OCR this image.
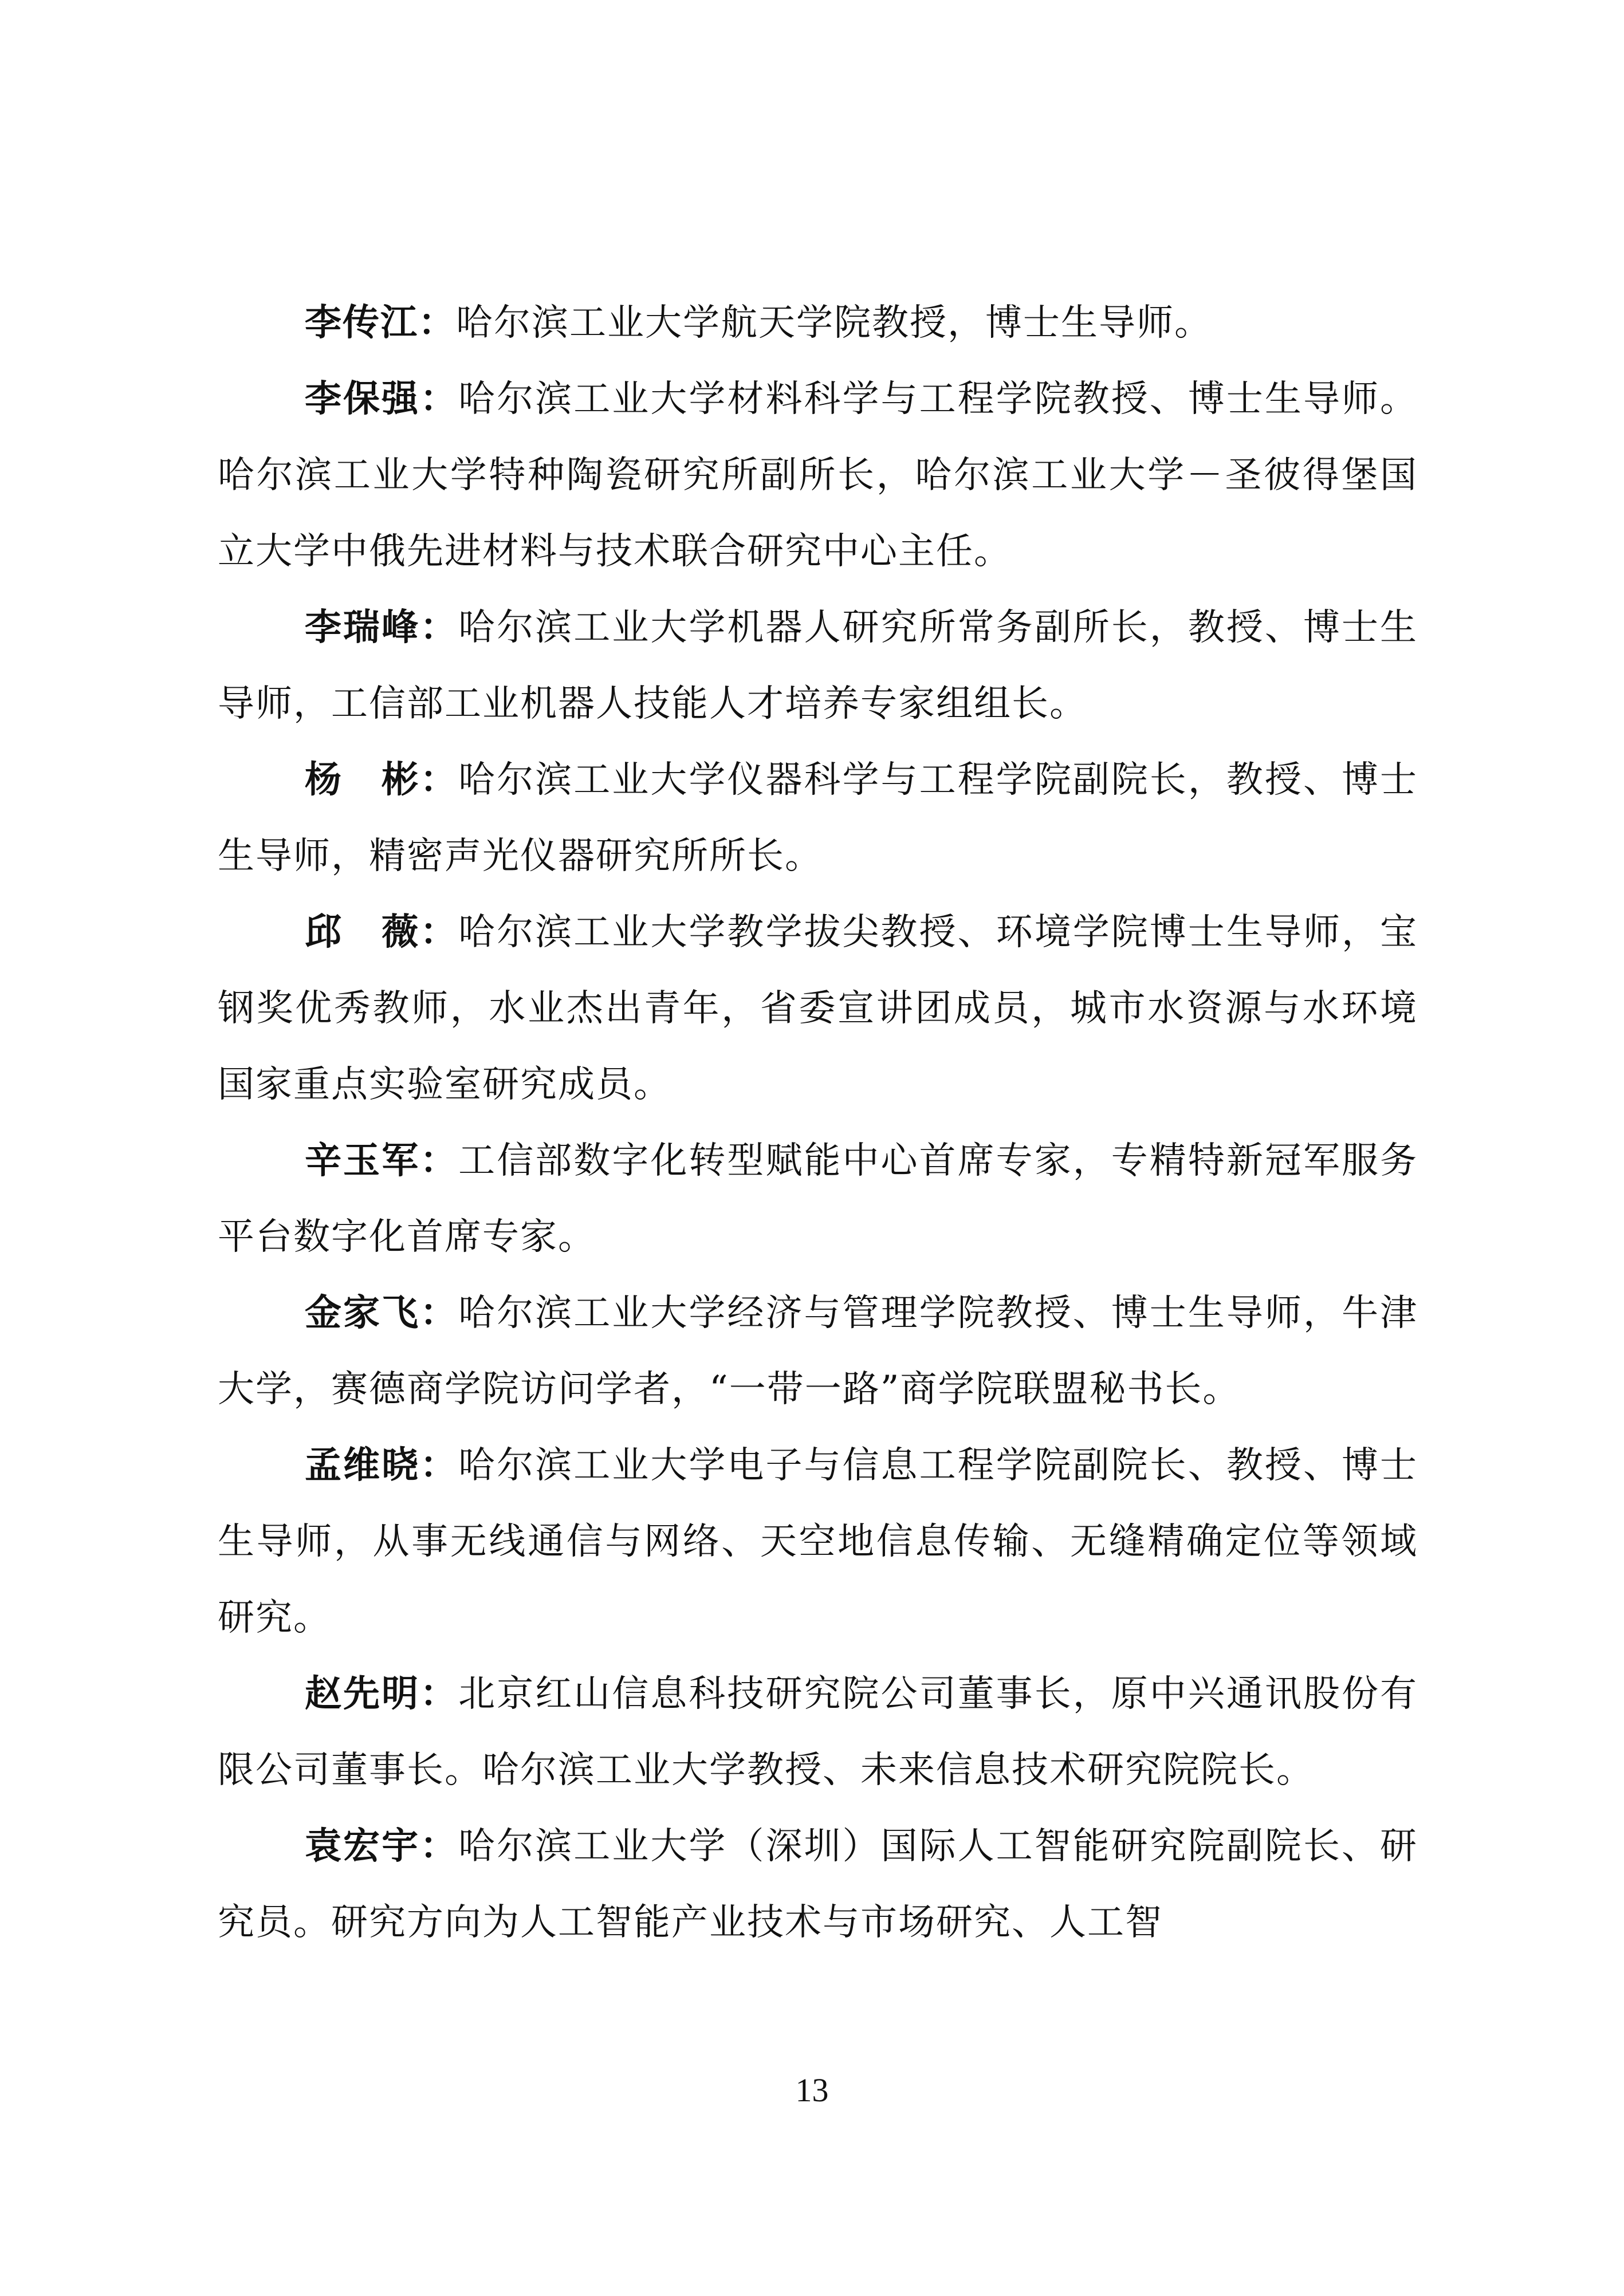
李传江：哈尔滨工业大学航天学院教授，博士生导师。

李保强：哈尔滨工业大学材料科学与工程学院教授、博士生导师。哈尔滨工业大学特种陶瓷研究所副所长，哈尔滨工业大学－圣彼得堡国立大学中俄先进材料与技术联合研究中心主任。

李瑞峰：哈尔滨工业大学机器人研究所常务副所长，教授、博士生导师，工信部工业机器人技能人才培养专家组组长。

杨　彬：哈尔滨工业大学仪器科学与工程学院副院长，教授、博士生导师，精密声光仪器研究所所长。

邱　薇：哈尔滨工业大学教学拔尖教授、环境学院博士生导师，宝钢奖优秀教师，水业杰出青年，省委宣讲团成员，城市水资源与水环境国家重点实验室研究成员。

辛玉军：工信部数字化转型赋能中心首席专家，专精特新冠军服务平台数字化首席专家。

金家飞：哈尔滨工业大学经济与管理学院教授、博士生导师，牛津大学，赛德商学院访问学者，“一带一路”商学院联盟秘书长。

孟维晓：哈尔滨工业大学电子与信息工程学院副院长、教授、博士生导师，从事无线通信与网络、天空地信息传输、无缝精确定位等领域研究。

赵先明：北京红山信息科技研究院公司董事长，原中兴通讯股份有限公司董事长。哈尔滨工业大学教授、未来信息技术研究院院长。

袁宏宇：哈尔滨工业大学（深圳）国际人工智能研究院副院长、研究员。研究方向为人工智能产业技术与市场研究、人工智

13
